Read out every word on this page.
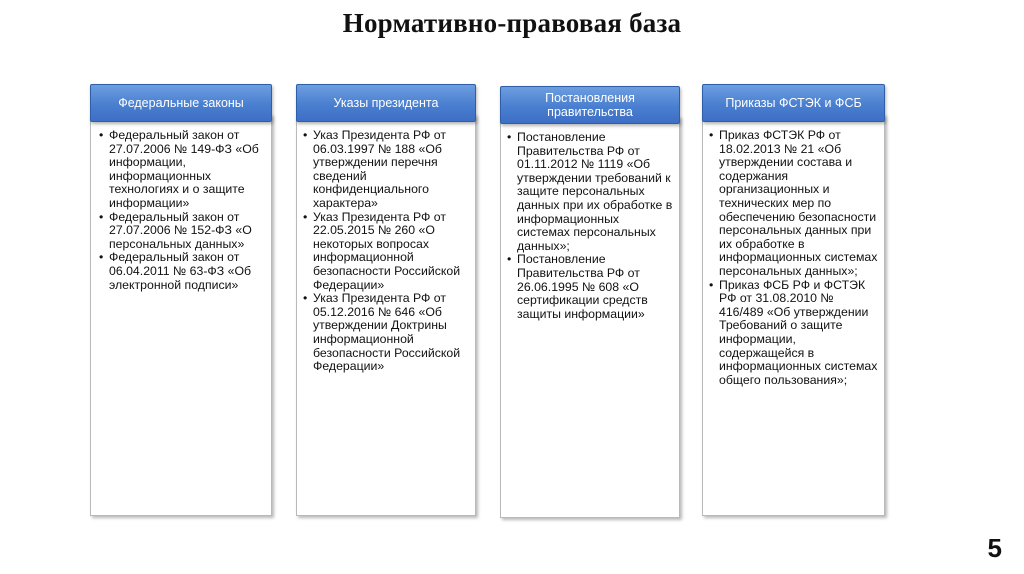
Нормативно-правовая база
• Федеральный закон от 27.07.2006 № 149-ФЗ «Об информации, информационных технологиях и о защите информации»
• Федеральный закон от 27.07.2006 № 152-ФЗ «О персональных данных»
• Федеральный закон от 06.04.2011 № 63-ФЗ «Об электронной подписи»
Федеральные законы
• Указ Президента РФ от 06.03.1997 № 188 «Об утверждении перечня сведений конфиденциального характера»
• Указ Президента РФ от 22.05.2015 № 260 «О некоторых вопросах информационной безопасности Российской Федерации»
• Указ Президента РФ от 05.12.2016 № 646 «Об утверждении Доктрины информационной безопасности Российской Федерации»
Указы президента
• Постановление Правительства РФ от 01.11.2012 № 1119 «Об утверждении требований к защите персональных данных при их обработке в информационных системах персональных данных»;
• Постановление Правительства РФ от 26.06.1995 № 608 «О сертификации средств защиты информации»
Постановления правительства
• Приказ ФСТЭК РФ от 18.02.2013 № 21 «Об утверждении состава и содержания организационных и технических мер по обеспечению безопасности персональных данных при их обработке в информационных системах персональных данных»;
• Приказ ФСБ РФ и ФСТЭК РФ от 31.08.2010 № 416/489 «Об утверждении Требований о защите информации, содержащейся в информационных системах общего пользования»;
Приказы ФСТЭК и ФСБ
5
